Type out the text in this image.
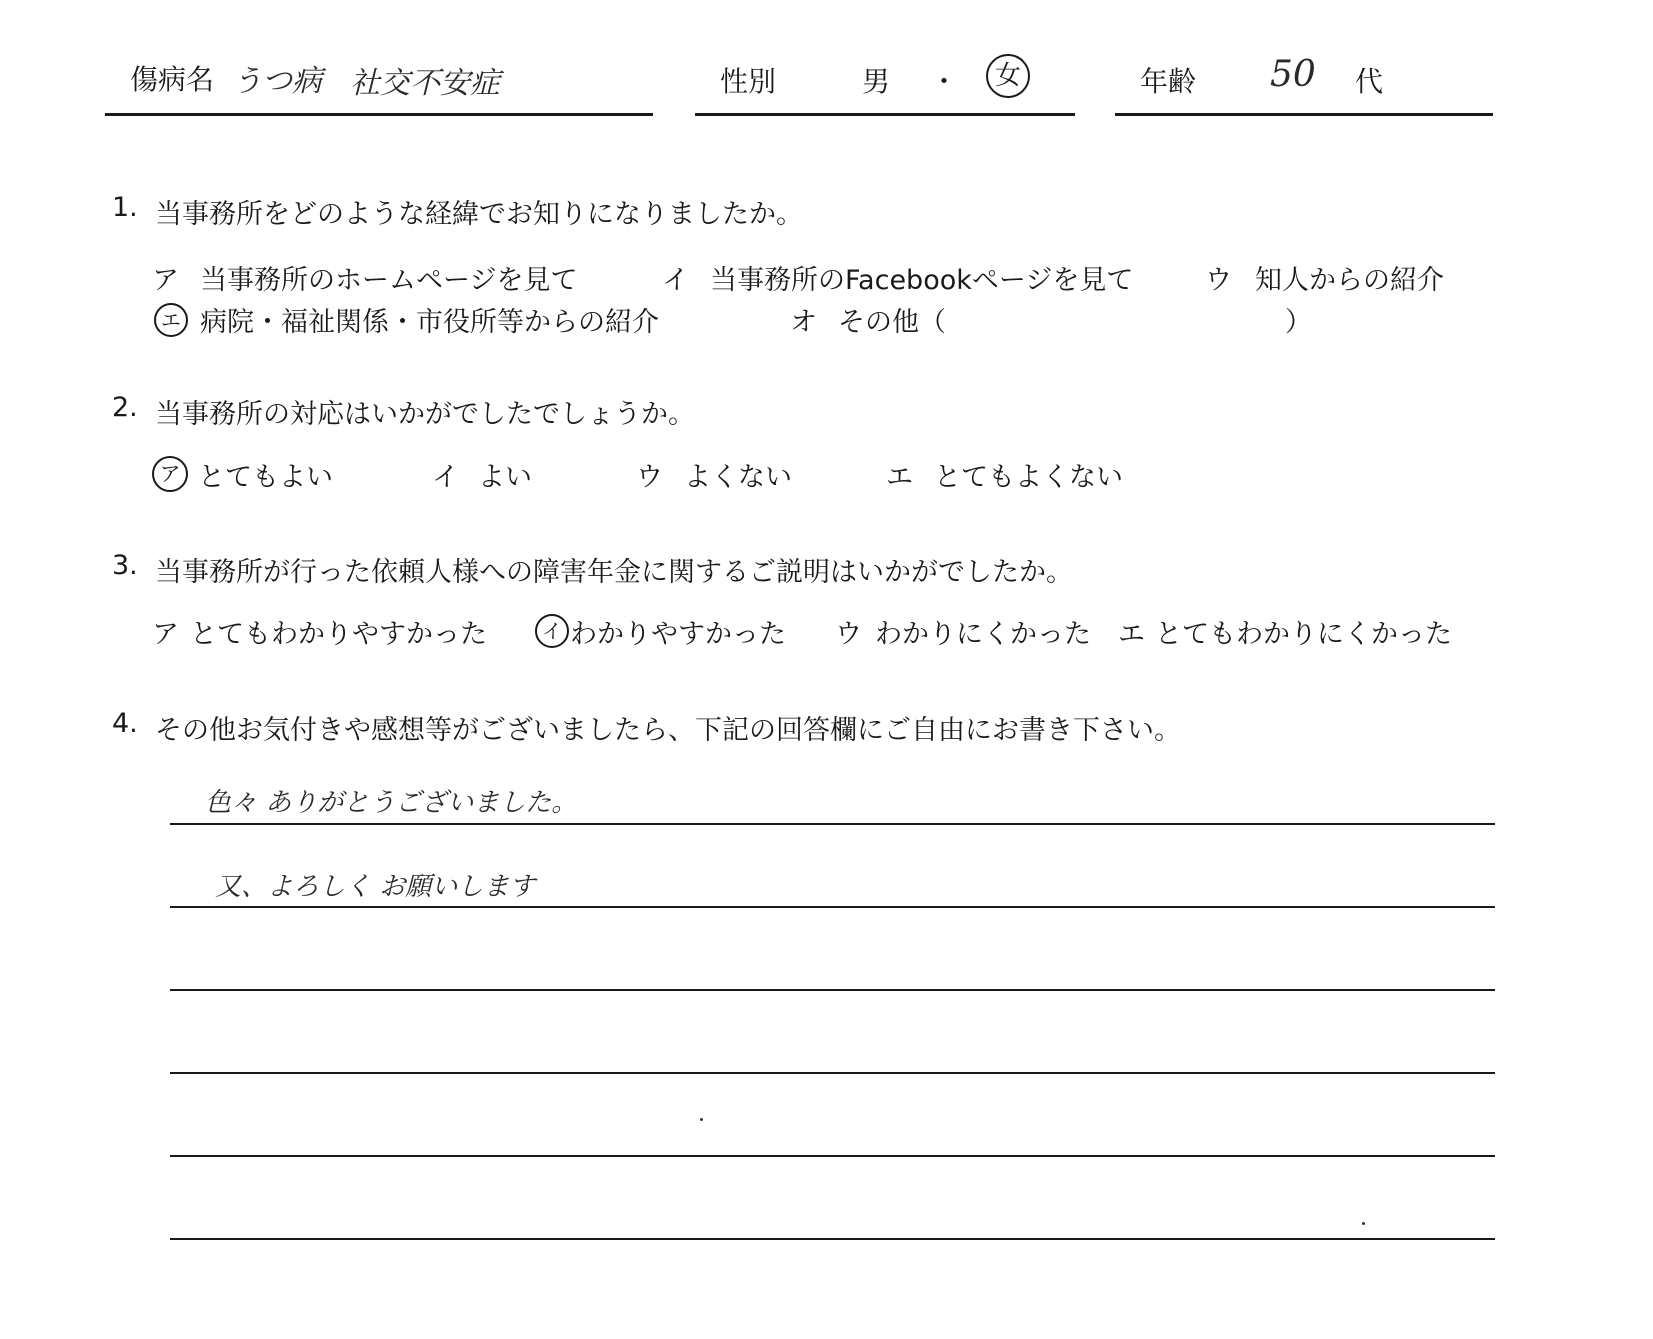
傷病名 うつ病 社交不安症	性別	男 ・	女	年齢 50 代
1. 当事務所をどのような経緯でお知りになりましたか。
ア 当事務所のホームページを見て	イ 当事務所のFacebookページを見て	ウ 知人からの紹介
エ 病院・福祉関係・市役所等からの紹介	オ その他（	）
2. 当事務所の対応はいかがでしたでしょうか。
ア とてもよい	イ よい	ウ よくない	エ とてもよくない
3. 当事務所が行った依頼人様への障害年金に関するご説明はいかがでしたか。
ア とてもわかりやすかった	イ わかりやすかった ウ わかりにくかった エ とてもわかりにくかった
4. その他お気付きや感想等がございましたら、下記の回答欄にご自由にお書き下さい。
色々 ありがとうございました。
又、よろしく お願いします
